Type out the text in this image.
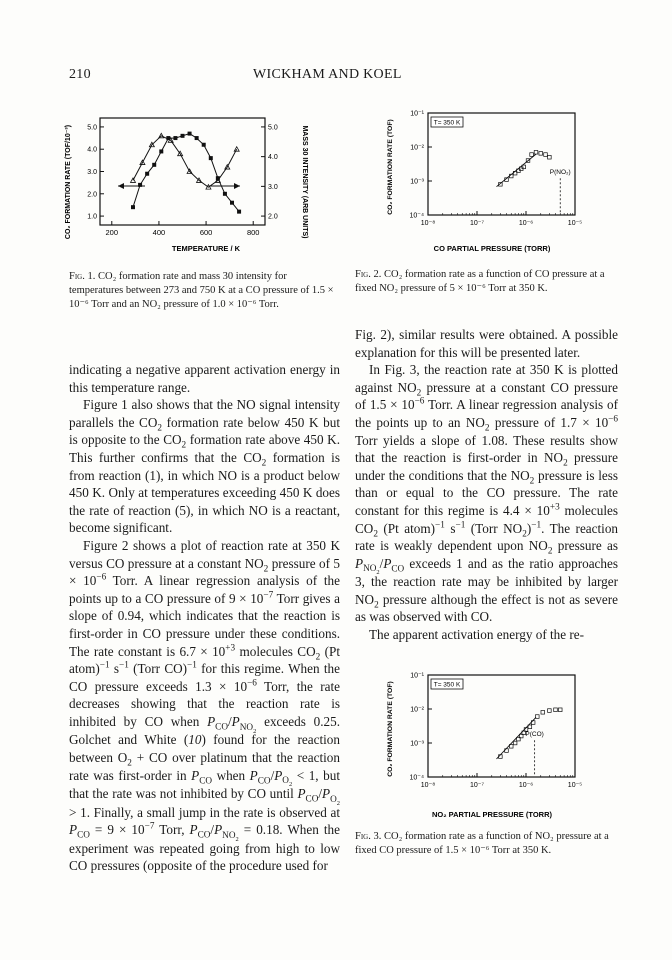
210	WICKHAM AND KOEL
200	400	600	800
1.0
2.0
3.0
4.0
5.0
2.0
3.0
4.0
5.0
TEMPERATURE / K
CO₂ FORMATION RATE (TOF/10⁻³)	MASS 30 INTENSITY (ARB UNITS)
Fig. 1. CO₂ formation rate and mass 30 intensity for temperatures between 273 and 750 K at a CO pressure of 1.5 × 10⁻⁶ Torr and an NO₂ pressure of 1.0 × 10⁻⁶ Torr.
10⁻⁸	10⁻⁷	10⁻⁶	10⁻⁵
10⁻¹
10⁻²
10⁻³
10⁻⁴
T= 350 K
P(NO₂)
CO PARTIAL PRESSURE (TORR)
CO₂ FORMATION RATE (TOF)
Fig. 2. CO₂ formation rate as a function of CO pressure at a fixed NO₂ pressure of 5 × 10⁻⁶ Torr at 350 K.

indicating a negative apparent activation energy in this temperature range.

Figure 1 also shows that the NO signal intensity parallels the $CO_2$ formation rate below 450 K but is opposite to the $CO_2$ formation rate above 450 K. This further confirms that the $CO_2$ formation is from reaction (1), in which NO is a product below 450 K. Only at temperatures exceeding 450 K does the rate of reaction (5), in which NO is a reactant, become significant.

Figure 2 shows a plot of reaction rate at 350 K versus CO pressure at a constant $NO_2$ pressure of $5 \times 10^{-6}$ Torr. A linear regression analysis of the points up to a CO pressure of $9 \times 10^{-7}$ Torr gives a slope of 0.94, which indicates that the reaction is first-order in CO pressure under these conditions. The rate constant is $6.7 \times 10^{+3}$ molecules $CO_2$ (Pt atom)$^{-1}$ $s^{-1}$ (Torr CO)$^{-1}$ for this regime. When the CO pressure exceeds $1.3 \times 10^{-6}$ Torr, the rate decreases showing that the reaction rate is inhibited by CO when $P_{CO}/P_{NO_2}$ exceeds 0.25. Golchet and White (10) found for the reaction between $O_2$ + CO over platinum that the reaction rate was first-order in $P_{CO}$ when $P_{CO}/P_{O_2} < 1$, but that the rate was not inhibited by CO until $P_{CO}/P_{O_2} > 1$. Finally, a small jump in the rate is observed at $P_{CO} = 9 \times 10^{-7}$ Torr, $P_{CO}/P_{NO_2} = 0.18$. When the experiment was repeated going from high to low CO pressures (opposite of the procedure used for

Fig. 2), similar results were obtained. A possible explanation for this will be presented later.

In Fig. 3, the reaction rate at 350 K is plotted against $NO_2$ pressure at a constant CO pressure of $1.5 \times 10^{-6}$ Torr. A linear regression analysis of the points up to an $NO_2$ pressure of $1.7 \times 10^{-6}$ Torr yields a slope of 1.08. These results show that the reaction is first-order in $NO_2$ pressure under the conditions that the $NO_2$ pressure is less than or equal to the CO pressure. The rate constant for this regime is $4.4 \times 10^{+3}$ molecules $CO_2$ (Pt atom)$^{-1}$ $s^{-1}$ (Torr $NO_2)^{-1}$. The reaction rate is weakly dependent upon $NO_2$ pressure as $P_{NO_2}/P_{CO}$ exceeds 1 and as the ratio approaches 3, the reaction rate may be inhibited by larger $NO_2$ pressure although the effect is not as severe as was observed with CO.

The apparent activation energy of the re-

10⁻⁸	10⁻⁷	10⁻⁶	10⁻⁵
10⁻¹
10⁻²
10⁻³
10⁻⁴
T= 350 K
P(CO)
NO₂ PARTIAL PRESSURE (TORR)
CO₂ FORMATION RATE (TOF)
Fig. 3. CO₂ formation rate as a function of NO₂ pressure at a fixed CO pressure of 1.5 × 10⁻⁶ Torr at 350 K.
